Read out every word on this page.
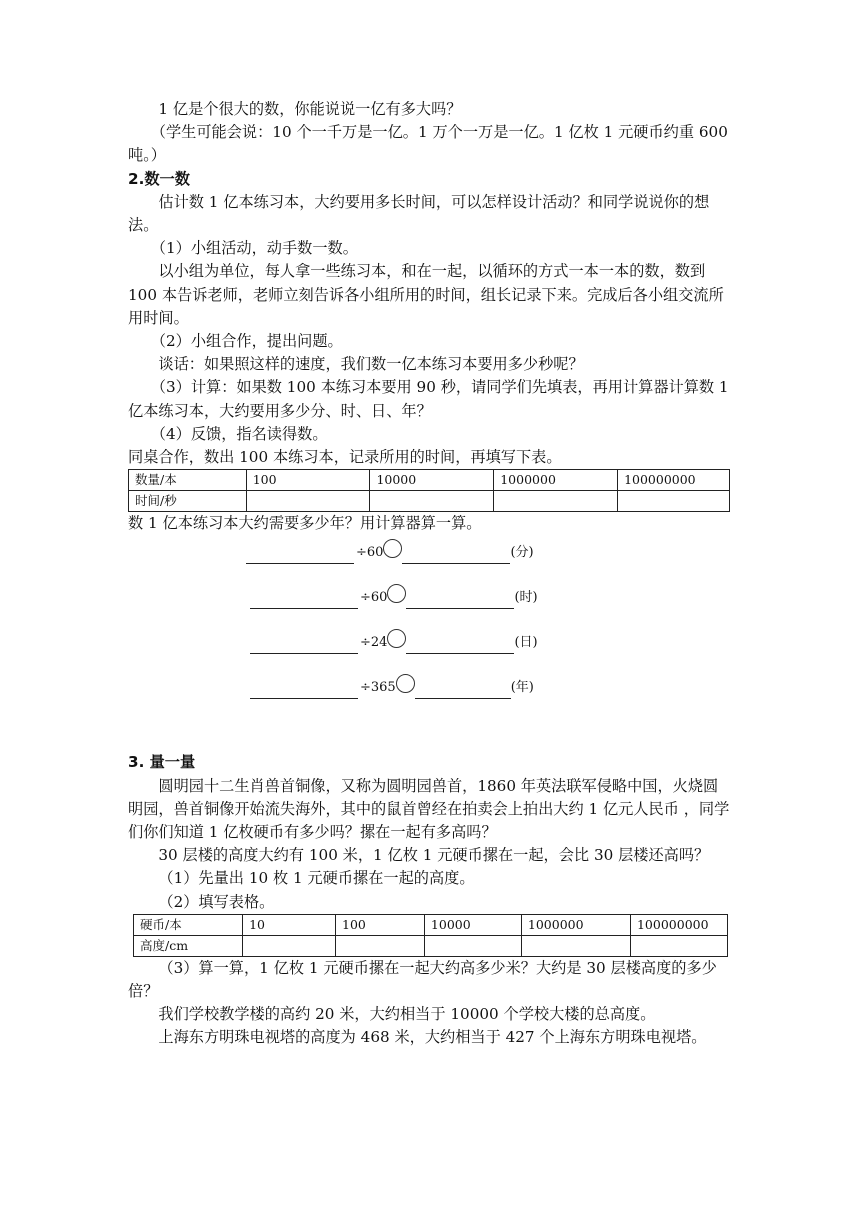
1 亿是个很大的数，你能说说一亿有多大吗？

（学生可能会说：10 个一千万是一亿。1 万个一万是一亿。1 亿枚 1 元硬币约重 600 吨。）

2.数一数

估计数 1 亿本练习本，大约要用多长时间，可以怎样设计活动？和同学说说你的想法。

（1）小组活动，动手数一数。

以小组为单位，每人拿一些练习本，和在一起，以循环的方式一本一本的数，数到 100 本告诉老师，老师立刻告诉各小组所用的时间，组长记录下来。完成后各小组交流所用时间。

（2）小组合作，提出问题。

谈话：如果照这样的速度，我们数一亿本练习本要用多少秒呢？

（3）计算：如果数 100 本练习本要用 90 秒，请同学们先填表，再用计算器计算数 1 亿本练习本，大约要用多少分、时、日、年？

（4）反馈，指名读得数。

同桌合作，数出 100 本练习本，记录所用的时间，再填写下表。

数量/本	100	10000	1000000	100000000
时间/秒				

数 1 亿本练习本大约需要多少年？用计算器算一算。

÷60	(分)
÷60	(时)
÷24	(日)
÷365	(年)
3. 量一量

圆明园十二生肖兽首铜像，又称为圆明园兽首，1860 年英法联军侵略中国，火烧圆明园，兽首铜像开始流失海外，其中的鼠首曾经在拍卖会上拍出大约 1 亿元人民币 ，同学们你们知道 1 亿枚硬币有多少吗？摞在一起有多高吗？

30 层楼的高度大约有 100 米，1 亿枚 1 元硬币摞在一起，会比 30 层楼还高吗？

（1）先量出 10 枚 1 元硬币摞在一起的高度。

（2）填写表格。

硬币/本	10	100	10000	1000000	100000000
高度/cm					

（3）算一算，1 亿枚 1 元硬币摞在一起大约高多少米？大约是 30 层楼高度的多少倍？

我们学校教学楼的高约 20 米，大约相当于 10000 个学校大楼的总高度。

上海东方明珠电视塔的高度为 468 米，大约相当于 427 个上海东方明珠电视塔。
